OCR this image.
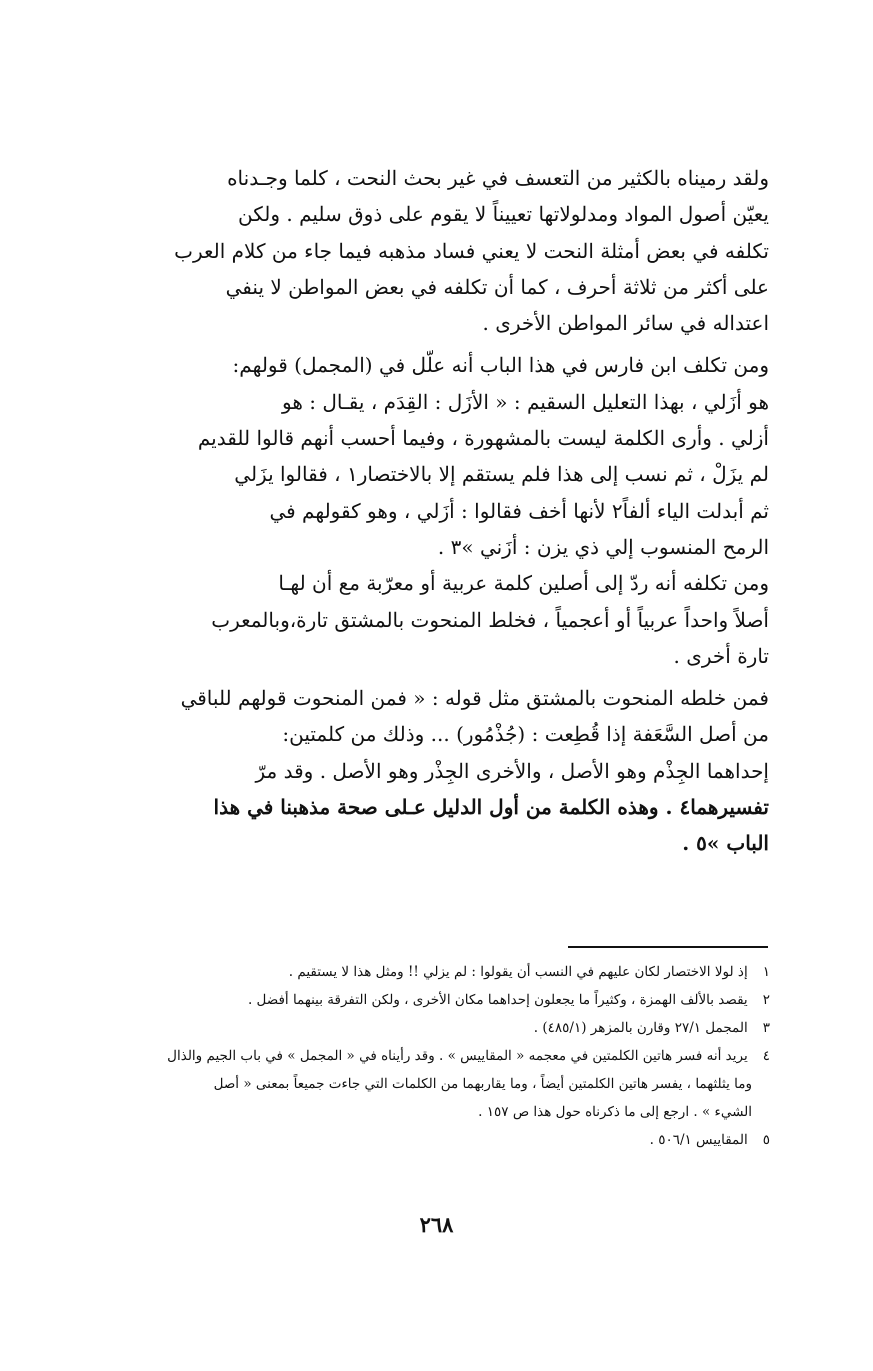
ولقد رميناه بالكثير من التعسف في غير بحث النحت ، كلما وجـدناه
يعيّن أصول المواد ومدلولاتها تعييناً لا يقوم على ذوق سليم . ولكن
تكلفه في بعض أمثلة النحت لا يعني فساد مذهبه فيما جاء من كلام العرب
على أكثر من ثلاثة أحرف ، كما أن تكلفه في بعض المواطن لا ينفي
اعتداله في سائر المواطن الأخرى .
ومن تكلف ابن فارس في هذا الباب أنه علّل في (المجمل) قولهم:
هو أزَلي ، بهذا التعليل السقيم : « الأزَل : القِدَم ، يقـال : هو
أزلي . وأرى الكلمة ليست بالمشهورة ، وفيما أحسب أنهم قالوا للقديم
لم يزَلْ ، ثم نسب إلى هذا فلم يستقم إلا بالاختصار١ ، فقالوا يزَلي
ثم أبدلت الياء ألفاً٢ لأنها أخف فقالوا : أزَلي ، وهو كقولهم في
الرمح المنسوب إلي ذي يزن : أزَني »٣ .
ومن تكلفه أنه ردّ إلى أصلين كلمة عربية أو معرّبة مع أن لهـا
أصلاً واحداً عربياً أو أعجمياً ، فخلط المنحوت بالمشتق تارة،وبالمعرب
تارة أخرى .
فمن خلطه المنحوت بالمشتق مثل قوله : « فمن المنحوت قولهم للباقي
من أصل السَّعَفة إذا قُطِعت : (جُذْمُور) ... وذلك من كلمتين:
إحداهما الجِذْم وهو الأصل ، والأخرى الجِذْر وهو الأصل . وقد مرّ
تفسيرهما٤ . وهذه الكلمة من أول الدليل عـلى صحة مذهبنا في هذا
الباب »٥ .
١ إذ لولا الاختصار لكان عليهم في النسب أن يقولوا : لم يزلي !! ومثل هذا لا يستقيم .
٢ يقصد بالألف الهمزة ، وكثيراً ما يجعلون إحداهما مكان الأخرى ، ولكن التفرقة بينهما أفضل .
٣ المجمل ٢٧/١ وقارن بالمزهر (٤٨٥/١) .
٤ يريد أنه فسر هاتين الكلمتين في معجمه « المقاييس » . وقد رأيناه في « المجمل » في باب الجيم والذال
وما يثلثهما ، يفسر هاتين الكلمتين أيضاً ، وما يقاربهما من الكلمات التي جاءت جميعاً بمعنى « أصل
الشيء » . ارجع إلى ما ذكرناه حول هذا ص ١٥٧ .
٥ المقاييس ٥٠٦/١ .
٢٦٨
